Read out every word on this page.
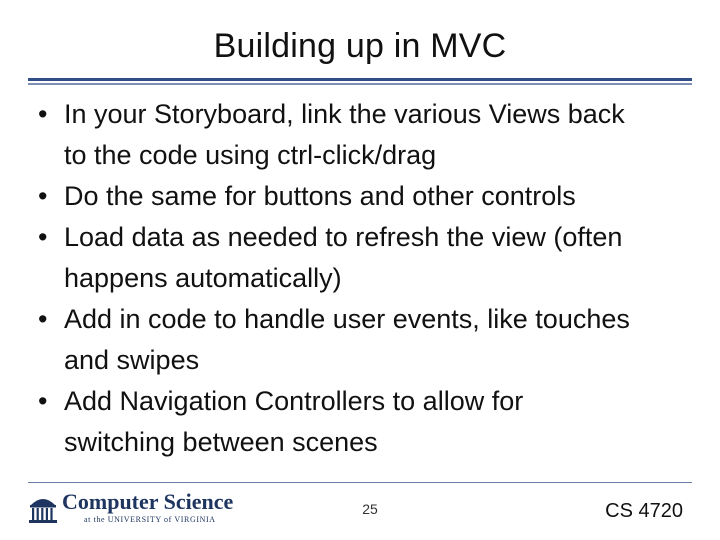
Building up in MVC
• In your Storyboard, link the various Views back
to the code using ctrl-click/drag
• Do the same for buttons and other controls
• Load data as needed to refresh the view (often
happens automatically)
• Add in code to handle user events, like touches
and swipes
• Add Navigation Controllers to allow for
switching between scenes
Computer Science
at the UNIVERSITY of VIRGINIA
25	CS 4720
